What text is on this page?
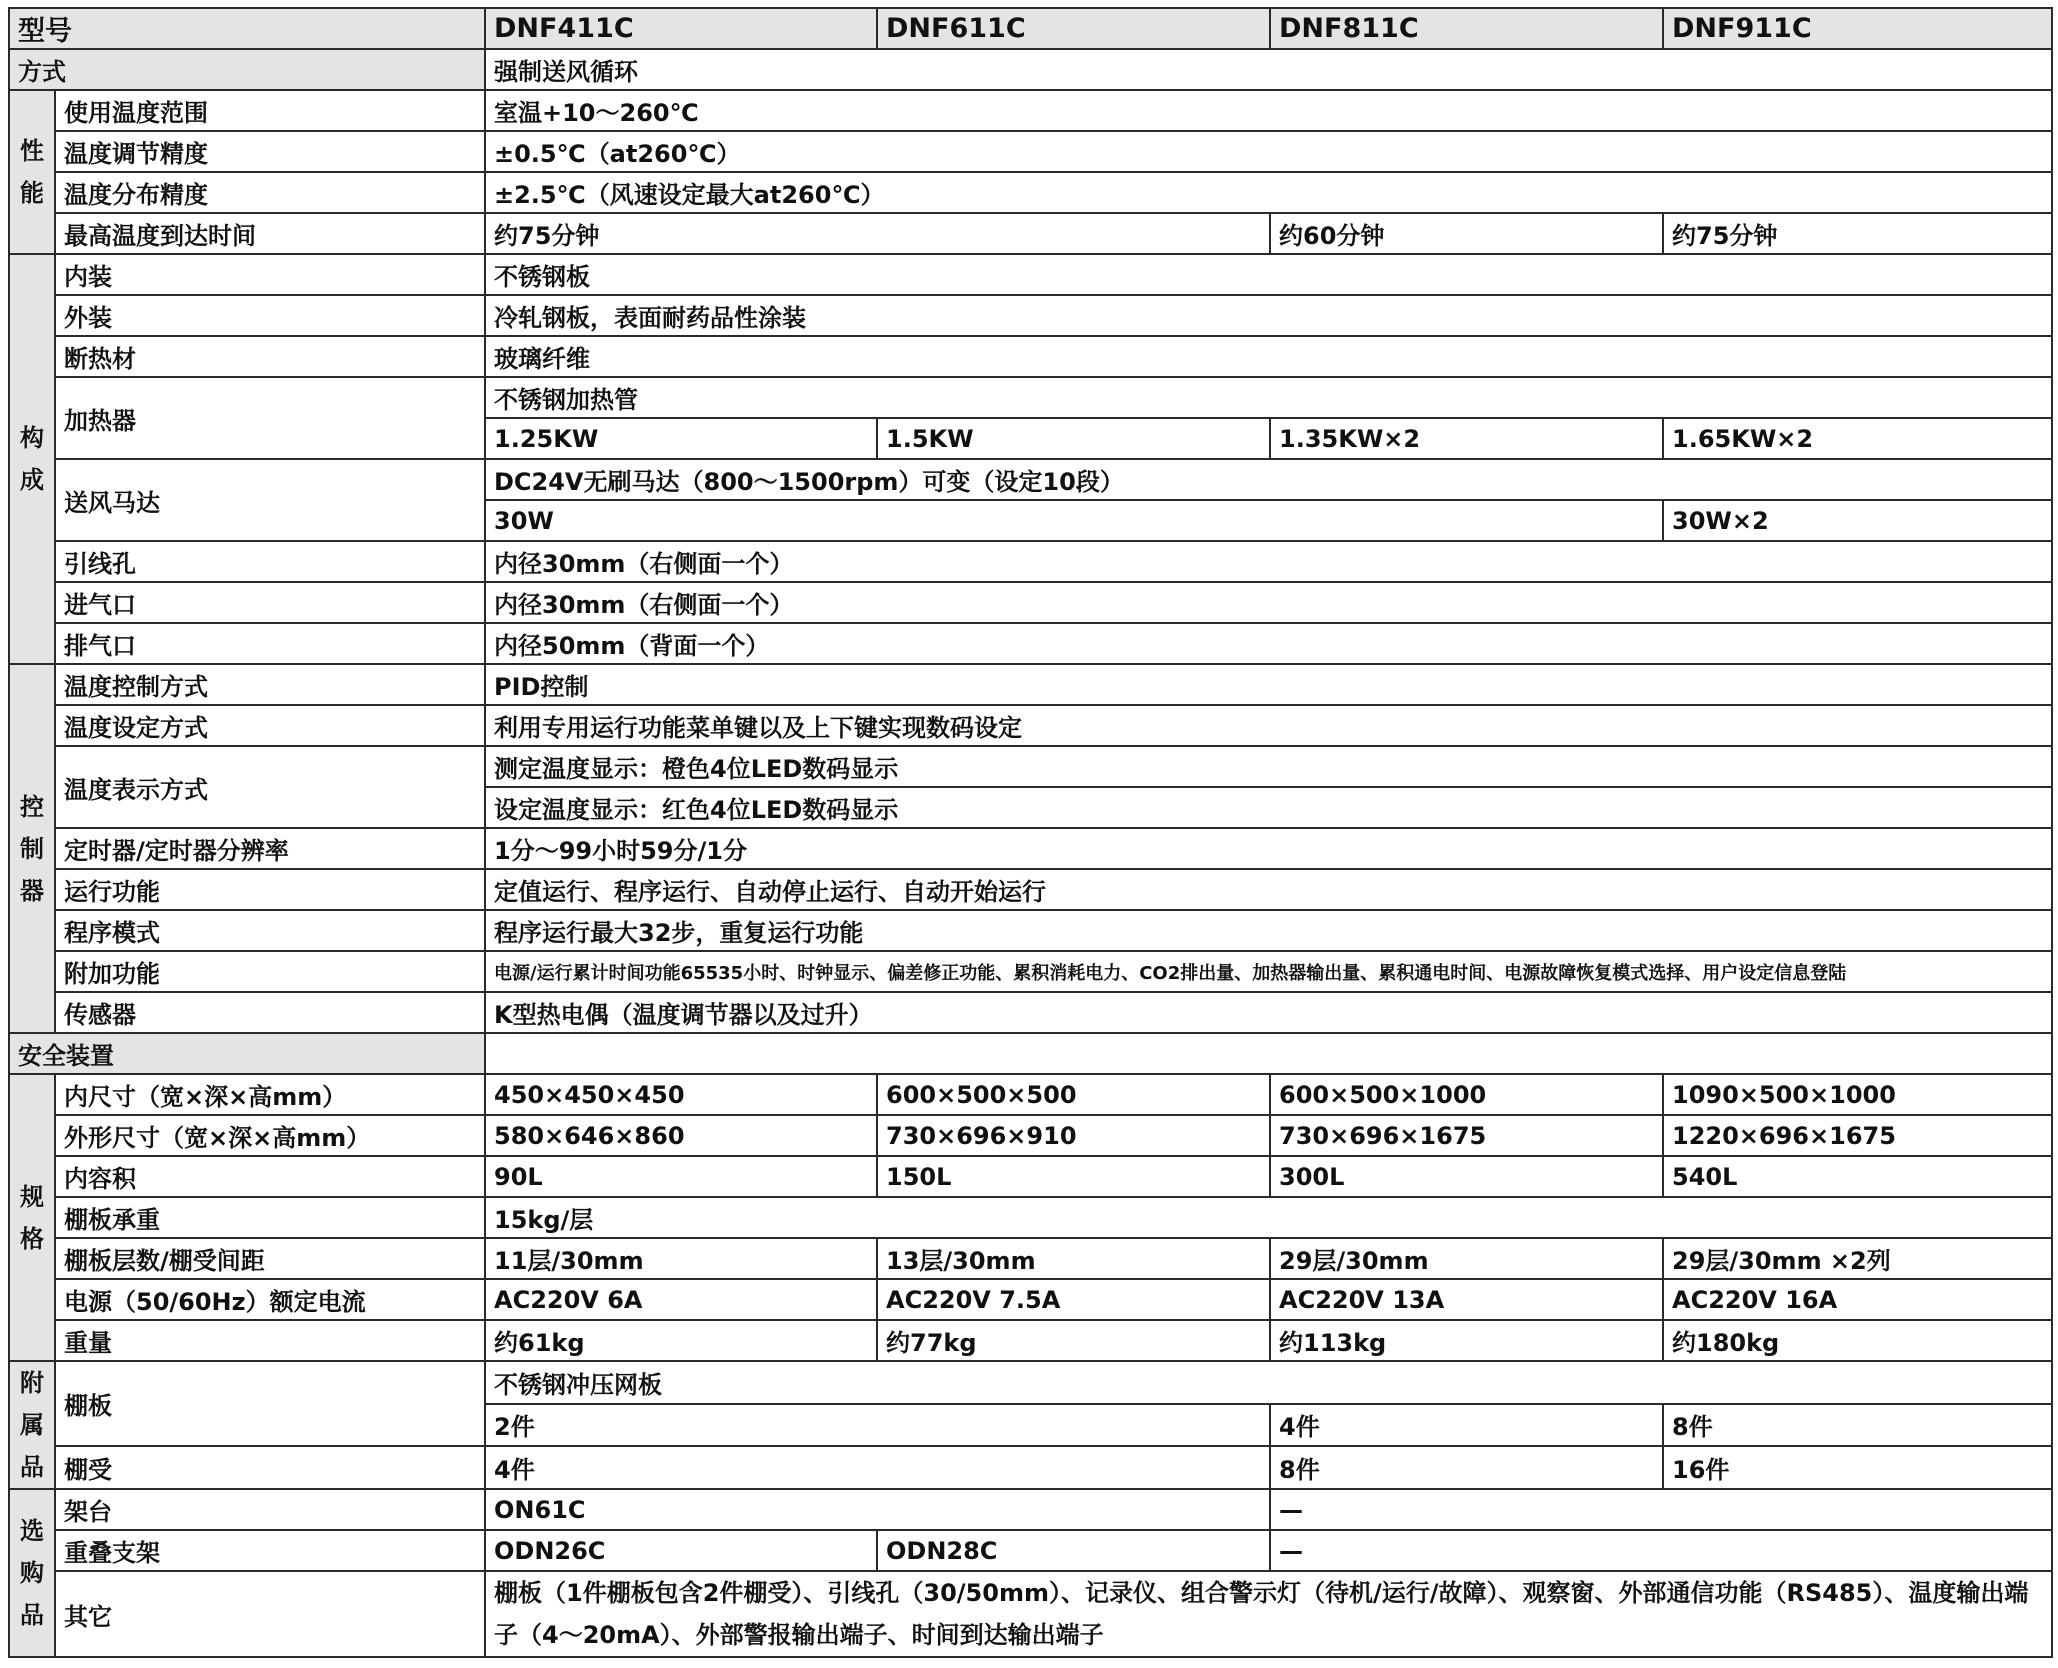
型号		DNF411C	DNF611C	DNF811C	DNF911C
方式		强制送风循环			
性能	使用温度范围	室温+10～260℃			
	温度调节精度	±0.5℃（at260℃）			
	温度分布精度	±2.5℃（风速设定最大at260℃）			
	最高温度到达时间	约75分钟		约60分钟	约75分钟
构成	内装	不锈钢板			
	外装	冷轧钢板，表面耐药品性涂装			
	断热材	玻璃纤维			
	加热器	不锈钢加热管			
		1.25KW	1.5KW	1.35KW×2	1.65KW×2
	送风马达	DC24V无刷马达（800～1500rpm）可变（设定10段）			
		30W			30W×2
	引线孔	内径30mm（右侧面一个）			
	进气口	内径30mm（右侧面一个）			
	排气口	内径50mm（背面一个）			
控制器	温度控制方式	PID控制			
	温度设定方式	利用专用运行功能菜单键以及上下键实现数码设定			
	温度表示方式	测定温度显示：橙色4位LED数码显示			
		设定温度显示：红色4位LED数码显示			
	定时器/定时器分辨率	1分～99小时59分/1分			
	运行功能	定值运行、程序运行、自动停止运行、自动开始运行			
	程序模式	程序运行最大32步，重复运行功能			
	附加功能	电源/运行累计时间功能65535小时、时钟显示、偏差修正功能、累积消耗电力、CO2排出量、加热器输出量、累积通电时间、电源故障恢复模式选择、用户设定信息登陆			
	传感器	K型热电偶（温度调节器以及过升）			
安全装置					
规格	内尺寸（宽×深×高mm）	450×450×450	600×500×500	600×500×1000	1090×500×1000
	外形尺寸（宽×深×高mm）	580×646×860	730×696×910	730×696×1675	1220×696×1675
	内容积	90L	150L	300L	540L
	棚板承重	15kg/层			
	棚板层数/棚受间距	11层/30mm	13层/30mm	29层/30mm	29层/30mm ×2列
	电源（50/60Hz）额定电流	AC220V 6A	AC220V 7.5A	AC220V 13A	AC220V 16A
	重量	约61kg	约77kg	约113kg	约180kg
附属品	棚板	不锈钢冲压网板			
		2件		4件	8件
	棚受	4件		8件	16件
选购品	架台	ON61C		—	
	重叠支架	ODN26C	ODN28C	—	
	其它	棚板（1件棚板包含2件棚受）、引线孔（30/50mm）、记录仪、组合警示灯（待机/运行/故障）、观察窗、外部通信功能（RS485）、温度输出端子（4～20mA）、外部警报输出端子、时间到达输出端子			
